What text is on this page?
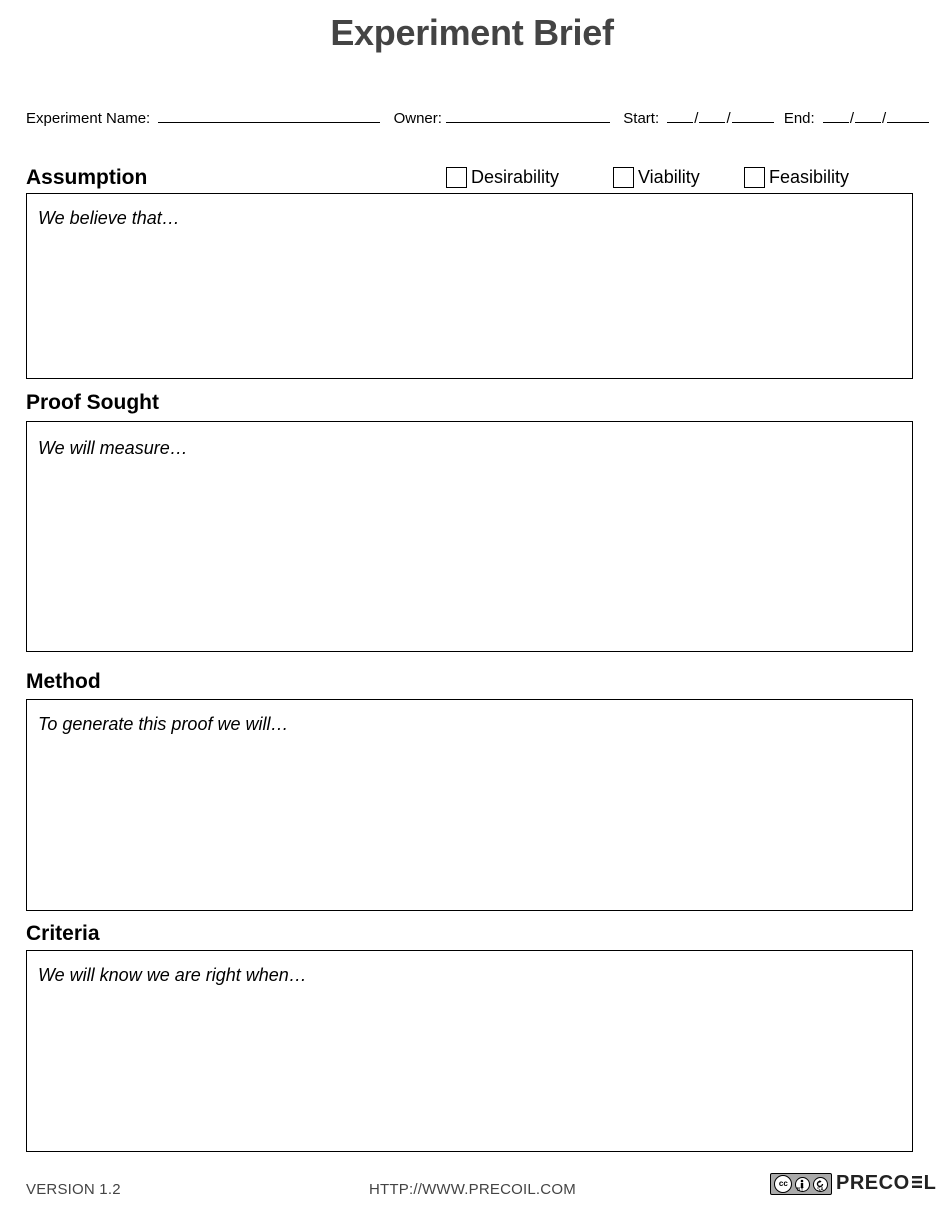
Experiment Brief
Experiment Name:	Owner:	Start: / /	End: / /
Assumption	Desirability	Viability	Feasibility
We believe that…
Proof Sought
We will measure…
Method
To generate this proof we will…
Criteria
We will know we are right when…
VERSION 1.2	HTTP://WWW.PRECOIL.COM	cc
BY	SA PRECO L
